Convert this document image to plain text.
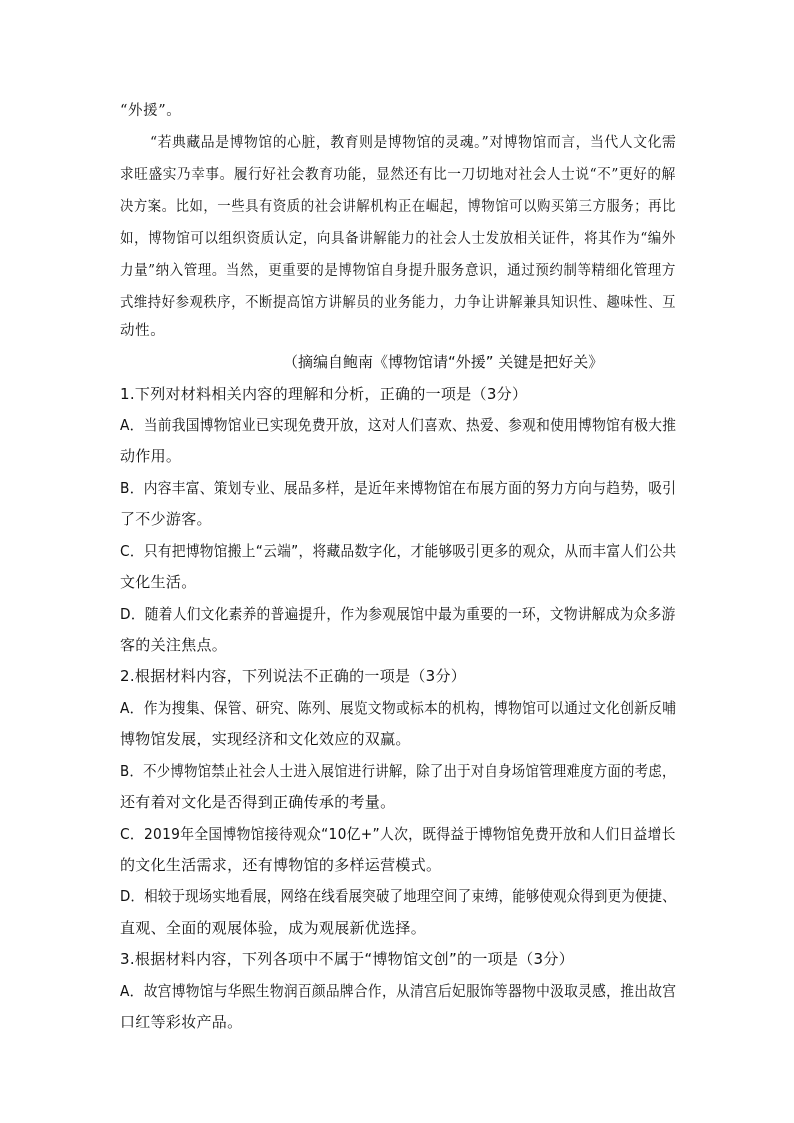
“外援”。
“若典藏品是博物馆的心脏，教育则是博物馆的灵魂。”对博物馆而言，当代人文化需
求旺盛实乃幸事。履行好社会教育功能，显然还有比一刀切地对社会人士说“不”更好的解
决方案。比如，一些具有资质的社会讲解机构正在崛起，博物馆可以购买第三方服务；再比
如，博物馆可以组织资质认定，向具备讲解能力的社会人士发放相关证件，将其作为“编外
力量”纳入管理。当然，更重要的是博物馆自身提升服务意识，通过预约制等精细化管理方
式维持好参观秩序，不断提高馆方讲解员的业务能力，力争让讲解兼具知识性、趣味性、互
动性。
（摘编自鲍南《博物馆请“外援” 关键是把好关》
1.下列对材料相关内容的理解和分析，正确的一项是（3分）
A．当前我国博物馆业已实现免费开放，这对人们喜欢、热爱、参观和使用博物馆有极大推
动作用。
B．内容丰富、策划专业、展品多样，是近年来博物馆在布展方面的努力方向与趋势，吸引
了不少游客。
C．只有把博物馆搬上“云端”，将藏品数字化，才能够吸引更多的观众，从而丰富人们公共
文化生活。
D．随着人们文化素养的普遍提升，作为参观展馆中最为重要的一环，文物讲解成为众多游
客的关注焦点。
2.根据材料内容，下列说法不正确的一项是（3分）
A．作为搜集、保管、研究、陈列、展览文物或标本的机构，博物馆可以通过文化创新反哺
博物馆发展，实现经济和文化效应的双赢。
B．不少博物馆禁止社会人士进入展馆进行讲解，除了出于对自身场馆管理难度方面的考虑，
还有着对文化是否得到正确传承的考量。
C．2019年全国博物馆接待观众“10亿+”人次，既得益于博物馆免费开放和人们日益增长
的文化生活需求，还有博物馆的多样运营模式。
D．相较于现场实地看展，网络在线看展突破了地理空间了束缚，能够使观众得到更为便捷、
直观、全面的观展体验，成为观展新优选择。
3.根据材料内容，下列各项中不属于“博物馆文创”的一项是（3分）
A．故宫博物馆与华熙生物润百颜品牌合作，从清宫后妃服饰等器物中汲取灵感，推出故宫
口红等彩妆产品。
